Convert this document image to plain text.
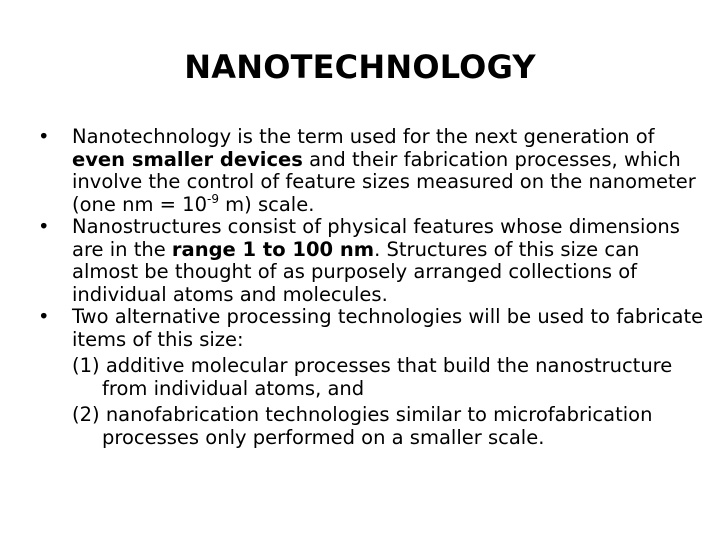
NANOTECHNOLOGY

• Nanotechnology is the term used for the next generation of even smaller devices and their fabrication processes, which involve the control of feature sizes measured on the nanometer (one nm = $10^{-9}$ m) scale.

• Nanostructures consist of physical features whose dimensions are in the range 1 to 100 nm. Structures of this size can almost be thought of as purposely arranged collections of individual atoms and molecules.

• Two alternative processing technologies will be used to fabricate items of this size:

(1) additive molecular processes that build the nanostructure from individual atoms, and

(2) nanofabrication technologies similar to microfabrication processes only performed on a smaller scale.
